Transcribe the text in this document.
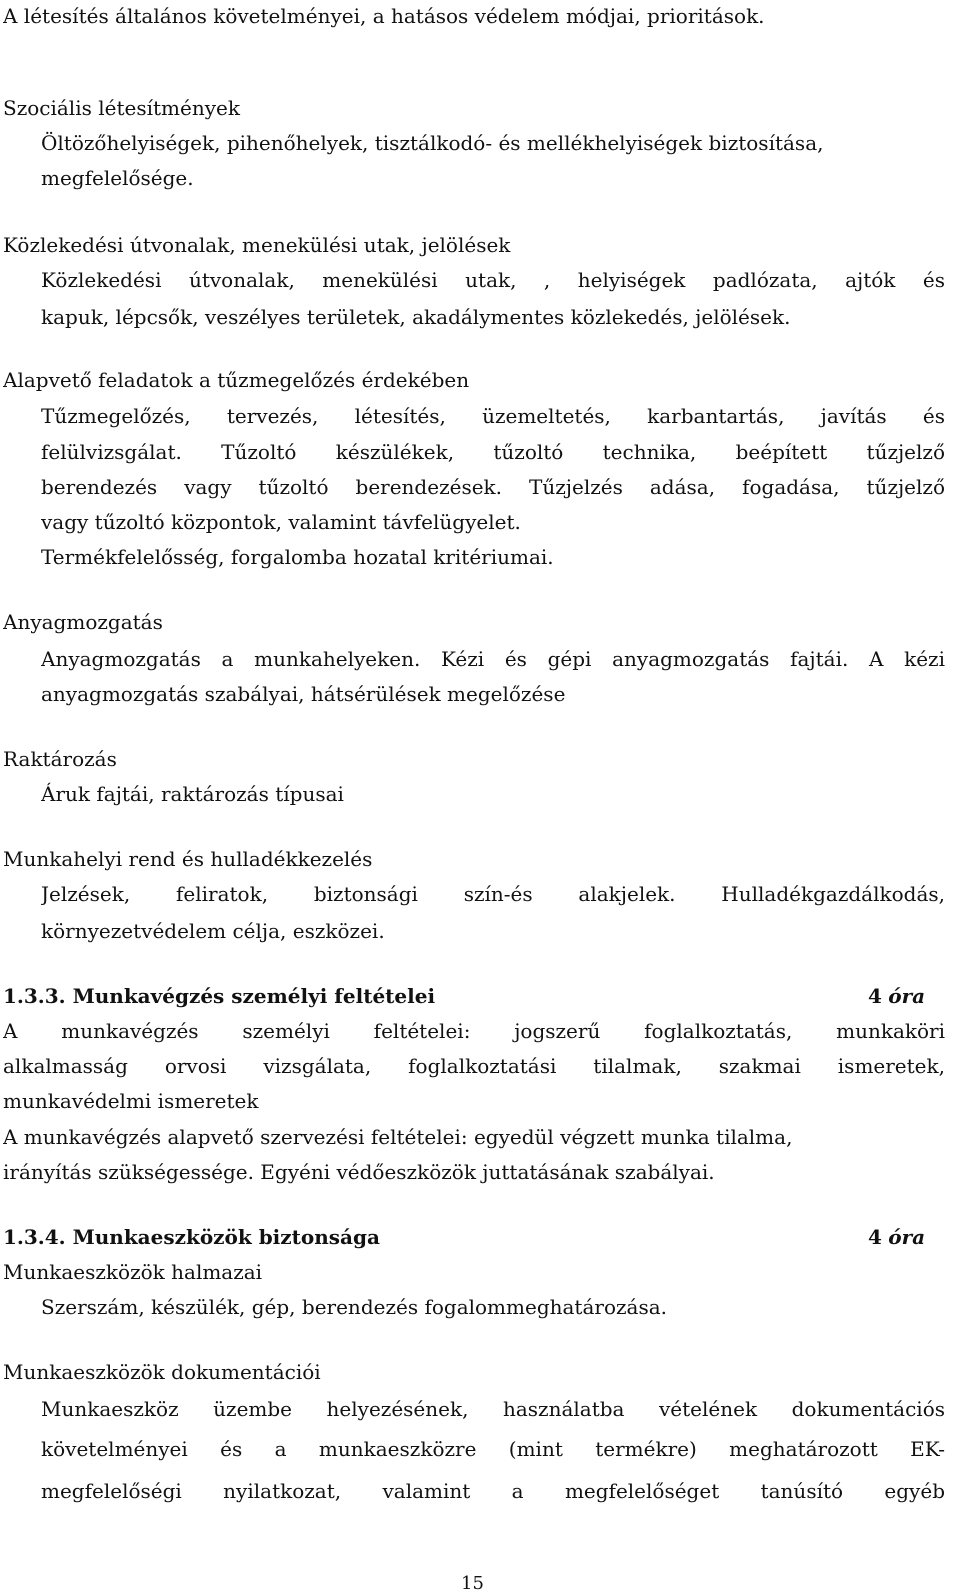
A létesítés általános követelményei, a hatásos védelem módjai, prioritások.
Szociális létesítmények
Öltözőhelyiségek, pihenőhelyek, tisztálkodó- és mellékhelyiségek biztosítása,
megfelelősége.
Közlekedési útvonalak, menekülési utak, jelölések
Közlekedési útvonalak, menekülési utak, , helyiségek padlózata, ajtók és
kapuk, lépcsők, veszélyes területek, akadálymentes közlekedés, jelölések.
Alapvető feladatok a tűzmegelőzés érdekében
Tűzmegelőzés, tervezés, létesítés, üzemeltetés, karbantartás, javítás és
felülvizsgálat. Tűzoltó készülékek, tűzoltó technika, beépített tűzjelző
berendezés vagy tűzoltó berendezések. Tűzjelzés adása, fogadása, tűzjelző
vagy tűzoltó központok, valamint távfelügyelet.
Termékfelelősség, forgalomba hozatal kritériumai.
Anyagmozgatás
Anyagmozgatás a munkahelyeken. Kézi és gépi anyagmozgatás fajtái. A kézi
anyagmozgatás szabályai, hátsérülések megelőzése
Raktározás
Áruk fajtái, raktározás típusai
Munkahelyi rend és hulladékkezelés
Jelzések, feliratok, biztonsági szín-és alakjelek. Hulladékgazdálkodás,
környezetvédelem célja, eszközei.
1.3.3. Munkavégzés személyi feltételei	4 óra
A munkavégzés személyi feltételei: jogszerű foglalkoztatás, munkaköri
alkalmasság orvosi vizsgálata, foglalkoztatási tilalmak, szakmai ismeretek,
munkavédelmi ismeretek
A munkavégzés alapvető szervezési feltételei: egyedül végzett munka tilalma,
irányítás szükségessége. Egyéni védőeszközök juttatásának szabályai.
1.3.4. Munkaeszközök biztonsága	4 óra
Munkaeszközök halmazai
Szerszám, készülék, gép, berendezés fogalommeghatározása.
Munkaeszközök dokumentációi
Munkaeszköz üzembe helyezésének, használatba vételének dokumentációs
követelményei és a munkaeszközre (mint termékre) meghatározott EK-
megfelelőségi nyilatkozat, valamint a megfelelőséget tanúsító egyéb
15
